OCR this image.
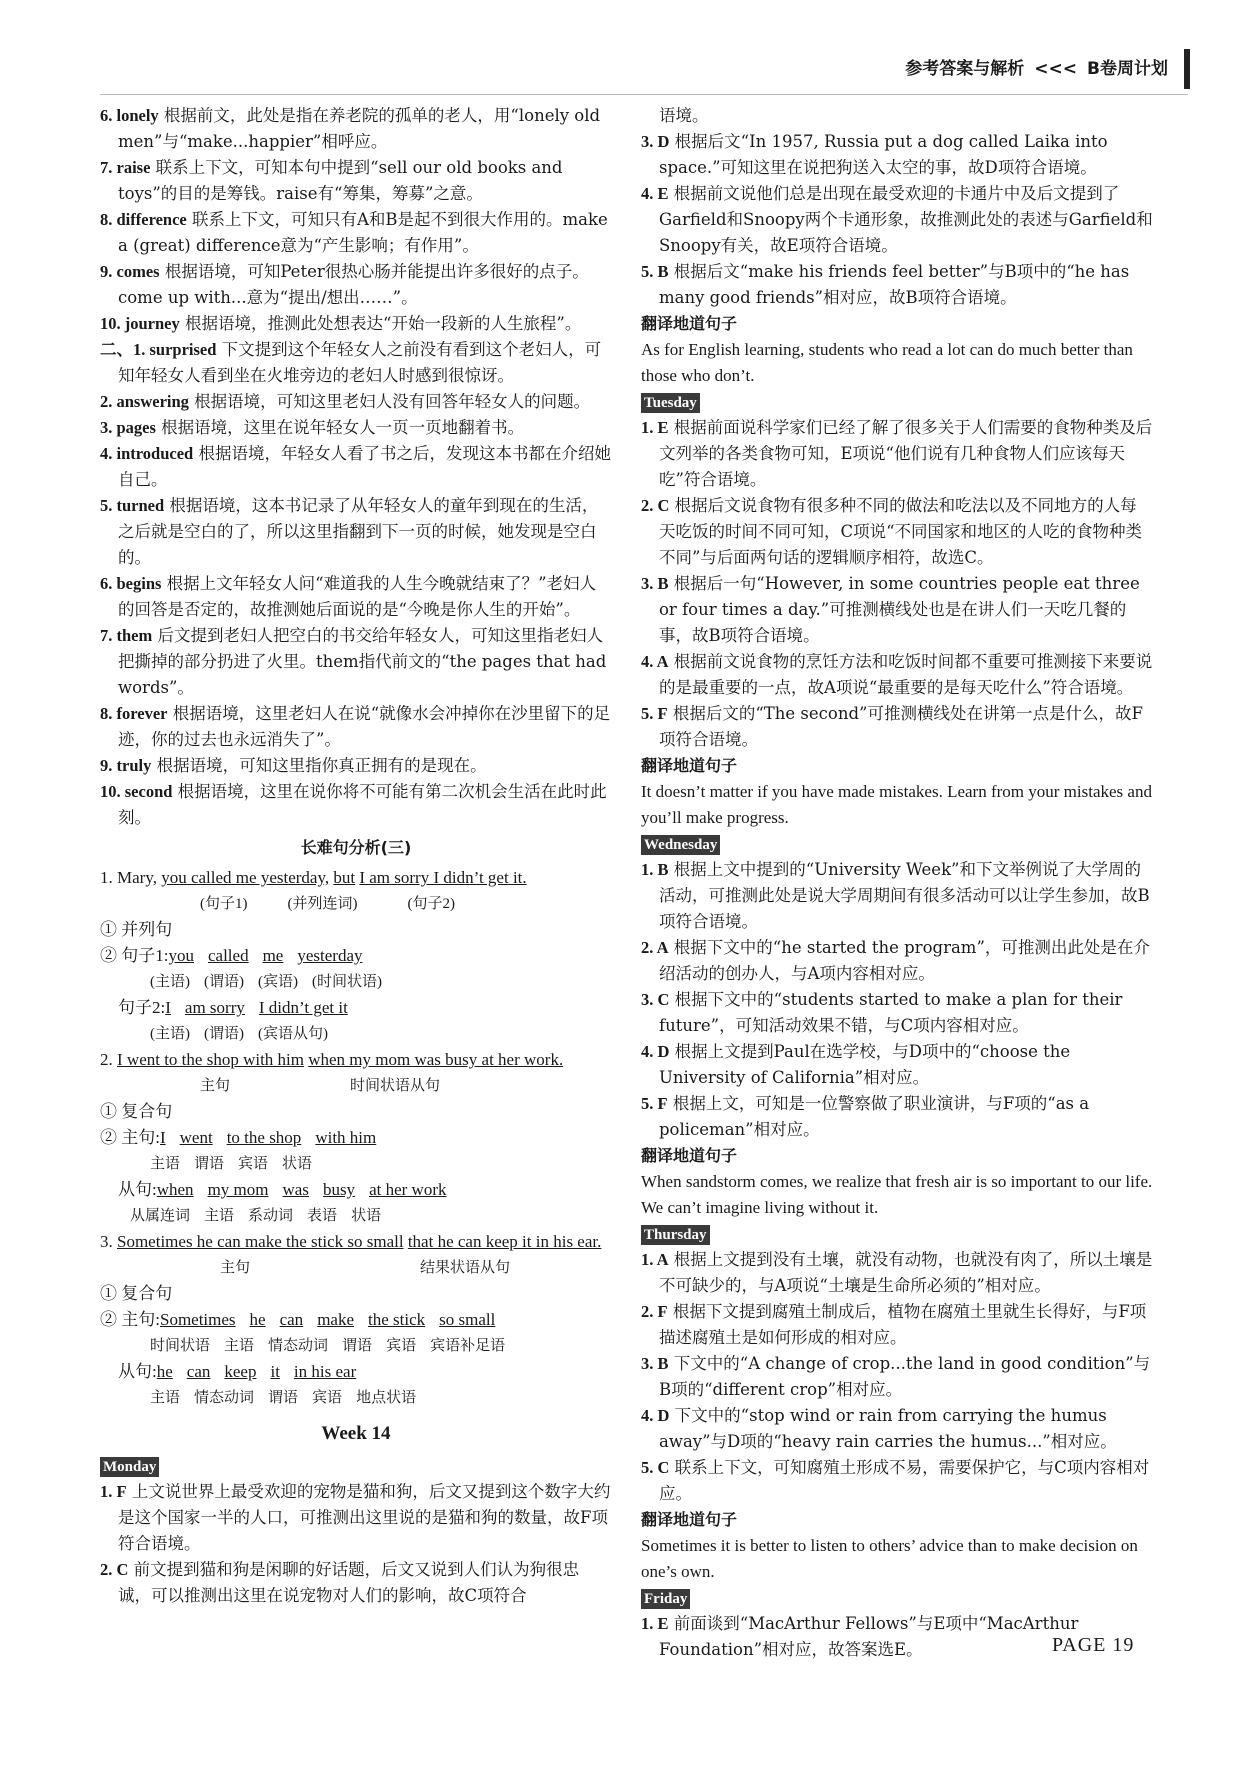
参考答案与解析 <<< B卷周计划
6. lonely 根据前文，此处是指在养老院的孤单的老人，用“lonely old men”与“make...happier”相呼应。
7. raise 联系上下文，可知本句中提到“sell our old books and toys”的目的是筹钱。raise有“筹集，筹募”之意。
8. difference 联系上下文，可知只有A和B是起不到很大作用的。make a (great) difference意为“产生影响；有作用”。
9. comes 根据语境，可知Peter很热心肠并能提出许多很好的点子。come up with...意为“提出/想出……”。
10. journey 根据语境，推测此处想表达“开始一段新的人生旅程”。
二、1. surprised 下文提到这个年轻女人之前没有看到这个老妇人，可知年轻女人看到坐在火堆旁边的老妇人时感到很惊讶。
2. answering 根据语境，可知这里老妇人没有回答年轻女人的问题。
3. pages 根据语境，这里在说年轻女人一页一页地翻着书。
4. introduced 根据语境，年轻女人看了书之后，发现这本书都在介绍她自己。
5. turned 根据语境，这本书记录了从年轻女人的童年到现在的生活，之后就是空白的了，所以这里指翻到下一页的时候，她发现是空白的。
6. begins 根据上文年轻女人问“难道我的人生今晚就结束了？”老妇人的回答是否定的，故推测她后面说的是“今晚是你人生的开始”。
7. them 后文提到老妇人把空白的书交给年轻女人，可知这里指老妇人把撕掉的部分扔进了火里。them指代前文的“the pages that had words”。
8. forever 根据语境，这里老妇人在说“就像水会冲掉你在沙里留下的足迹，你的过去也永远消失了”。
9. truly 根据语境，可知这里指你真正拥有的是现在。
10. second 根据语境，这里在说你将不可能有第二次机会生活在此时此刻。
长难句分析(三)
1. Mary, you called me yesterday, but I am sorry I didn’t get it.
(句子1)	(并列连词)	(句子2)
① 并列句
② 句子1:you called me yesterday
(主语) (谓语) (宾语) (时间状语)
句子2:I am sorry I didn’t get it
(主语) (谓语) (宾语从句)
2. I went to the shop with him when my mom was busy at her work.
主句	时间状语从句
① 复合句
② 主句:I went to the shop with him
主语 谓语 宾语 状语
从句:when my mom was busy at her work
从属连词 主语 系动词 表语 状语
3. Sometimes he can make the stick so small that he can keep it in his ear.
主句	结果状语从句
① 复合句
② 主句:Sometimes he can make the stick so small
时间状语 主语 情态动词 谓语 宾语 宾语补足语
从句:he can keep it in his ear
主语 情态动词 谓语 宾语 地点状语
Week 14
Monday
1. F 上文说世界上最受欢迎的宠物是猫和狗，后文又提到这个数字大约是这个国家一半的人口，可推测出这里说的是猫和狗的数量，故F项符合语境。
2. C 前文提到猫和狗是闲聊的好话题，后文又说到人们认为狗很忠诚，可以推测出这里在说宠物对人们的影响，故C项符合
语境。
3. D 根据后文“In 1957, Russia put a dog called Laika into space.”可知这里在说把狗送入太空的事，故D项符合语境。
4. E 根据前文说他们总是出现在最受欢迎的卡通片中及后文提到了Garfield和Snoopy两个卡通形象，故推测此处的表述与Garfield和Snoopy有关，故E项符合语境。
5. B 根据后文“make his friends feel better”与B项中的“he has many good friends”相对应，故B项符合语境。
翻译地道句子
As for English learning, students who read a lot can do much better than those who don’t.
Tuesday
1. E 根据前面说科学家们已经了解了很多关于人们需要的食物种类及后文列举的各类食物可知，E项说“他们说有几种食物人们应该每天吃”符合语境。
2. C 根据后文说食物有很多种不同的做法和吃法以及不同地方的人每天吃饭的时间不同可知，C项说“不同国家和地区的人吃的食物种类不同”与后面两句话的逻辑顺序相符，故选C。
3. B 根据后一句“However, in some countries people eat three or four times a day.”可推测横线处也是在讲人们一天吃几餐的事，故B项符合语境。
4. A 根据前文说食物的烹饪方法和吃饭时间都不重要可推测接下来要说的是最重要的一点，故A项说“最重要的是每天吃什么”符合语境。
5. F 根据后文的“The second”可推测横线处在讲第一点是什么，故F项符合语境。
翻译地道句子
It doesn’t matter if you have made mistakes. Learn from your mistakes and you’ll make progress.
Wednesday
1. B 根据上文中提到的“University Week”和下文举例说了大学周的活动，可推测此处是说大学周期间有很多活动可以让学生参加，故B项符合语境。
2. A 根据下文中的“he started the program”，可推测出此处是在介绍活动的创办人，与A项内容相对应。
3. C 根据下文中的“students started to make a plan for their future”，可知活动效果不错，与C项内容相对应。
4. D 根据上文提到Paul在选学校，与D项中的“choose the University of California”相对应。
5. F 根据上文，可知是一位警察做了职业演讲，与F项的“as a policeman”相对应。
翻译地道句子
When sandstorm comes, we realize that fresh air is so important to our life. We can’t imagine living without it.
Thursday
1. A 根据上文提到没有土壤，就没有动物，也就没有肉了，所以土壤是不可缺少的，与A项说“土壤是生命所必须的”相对应。
2. F 根据下文提到腐殖土制成后，植物在腐殖土里就生长得好，与F项描述腐殖土是如何形成的相对应。
3. B 下文中的“A change of crop...the land in good condition”与B项的“different crop”相对应。
4. D 下文中的“stop wind or rain from carrying the humus away”与D项的“heavy rain carries the humus...”相对应。
5. C 联系上下文，可知腐殖土形成不易，需要保护它，与C项内容相对应。
翻译地道句子
Sometimes it is better to listen to others’ advice than to make decision on one’s own.
Friday
1. E 前面谈到“MacArthur Fellows”与E项中“MacArthur Foundation”相对应，故答案选E。	PAGE 19
